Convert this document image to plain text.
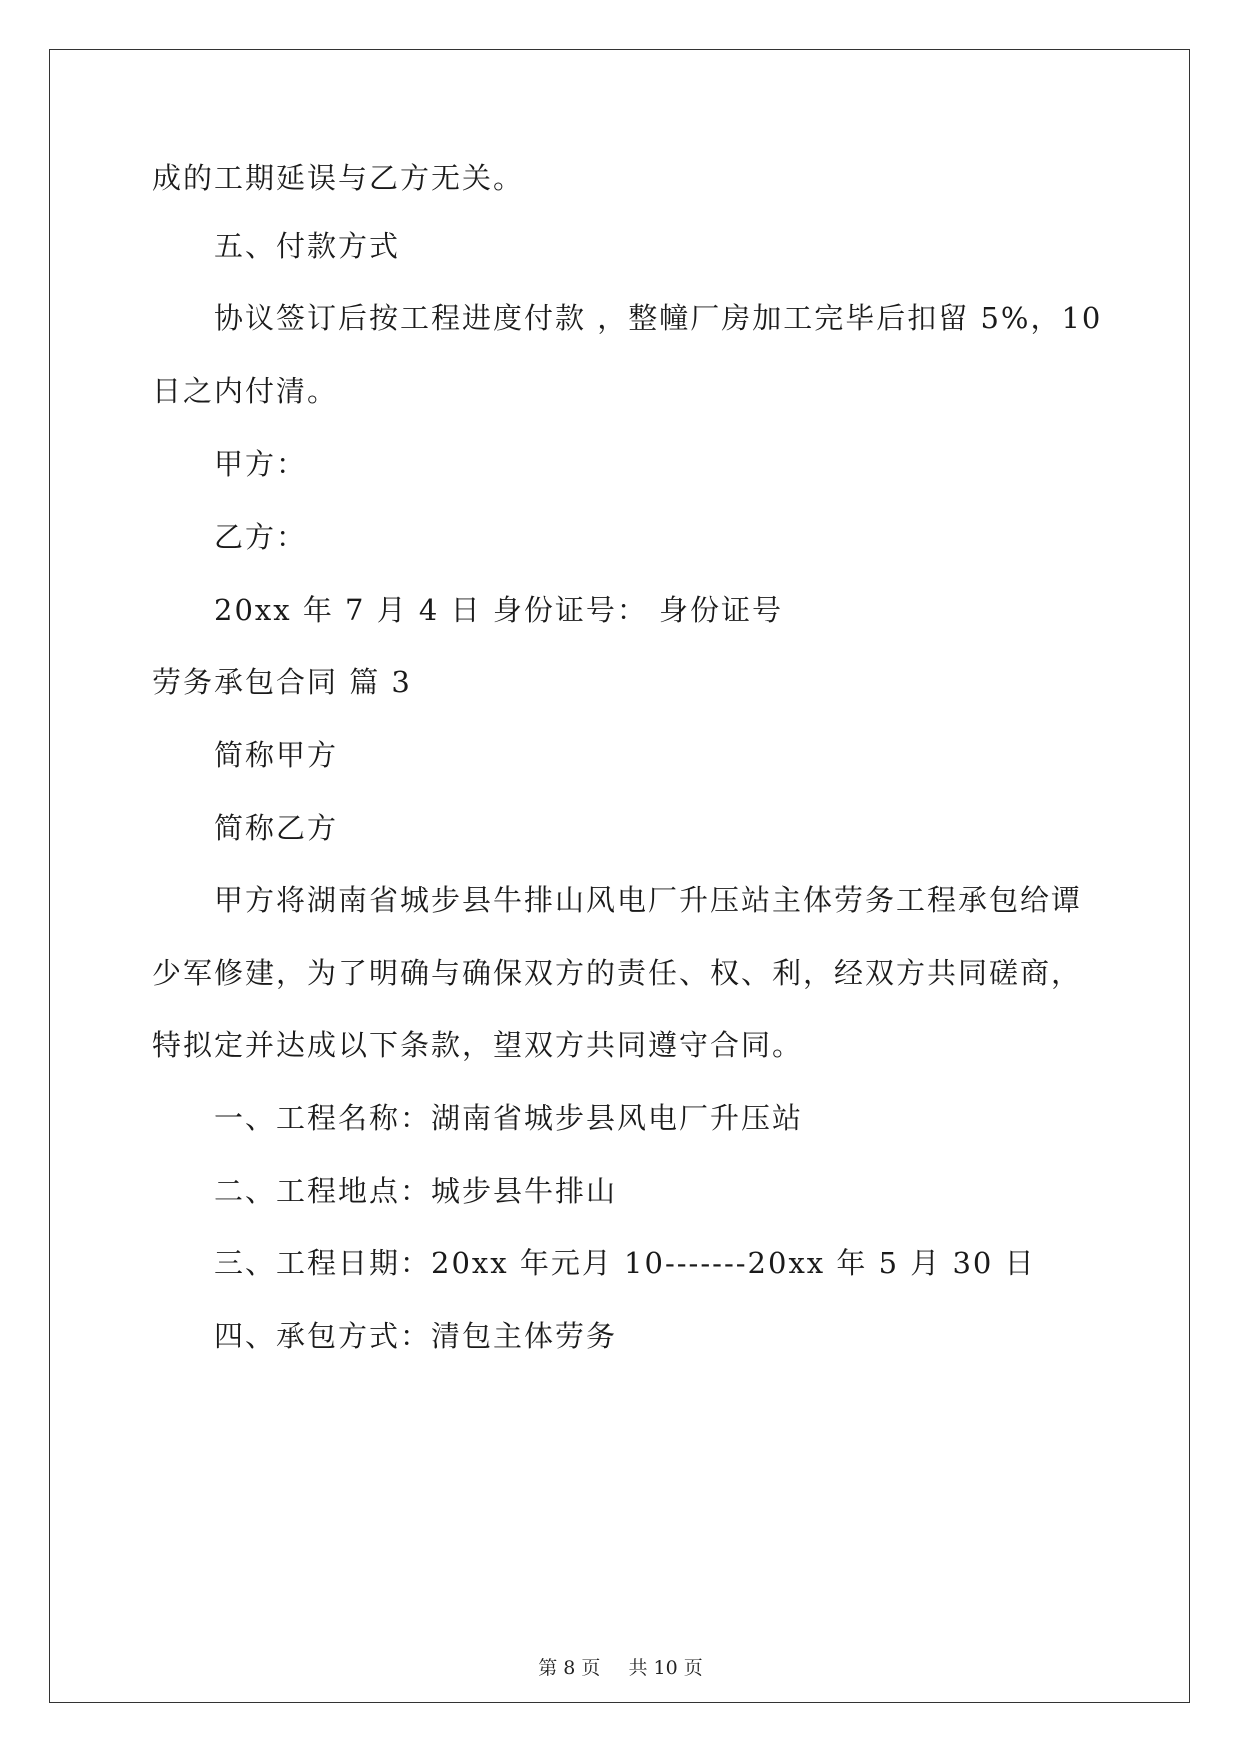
成的工期延误与乙方无关。
五、付款方式
协议签订后按工程进度付款 ，整幢厂房加工完毕后扣留 5%，10
日之内付清。
甲方：
乙方：
20xx 年 7 月 4 日 身份证号： 身份证号
劳务承包合同 篇 3
简称甲方
简称乙方
甲方将湖南省城步县牛排山风电厂升压站主体劳务工程承包给谭
少军修建，为了明确与确保双方的责任、权、利，经双方共同磋商，
特拟定并达成以下条款，望双方共同遵守合同。
一、工程名称：湖南省城步县风电厂升压站
二、工程地点：城步县牛排山
三、工程日期：20xx 年元月 10-------20xx 年 5 月 30 日
四、承包方式：清包主体劳务
第 8 页 共 10 页
